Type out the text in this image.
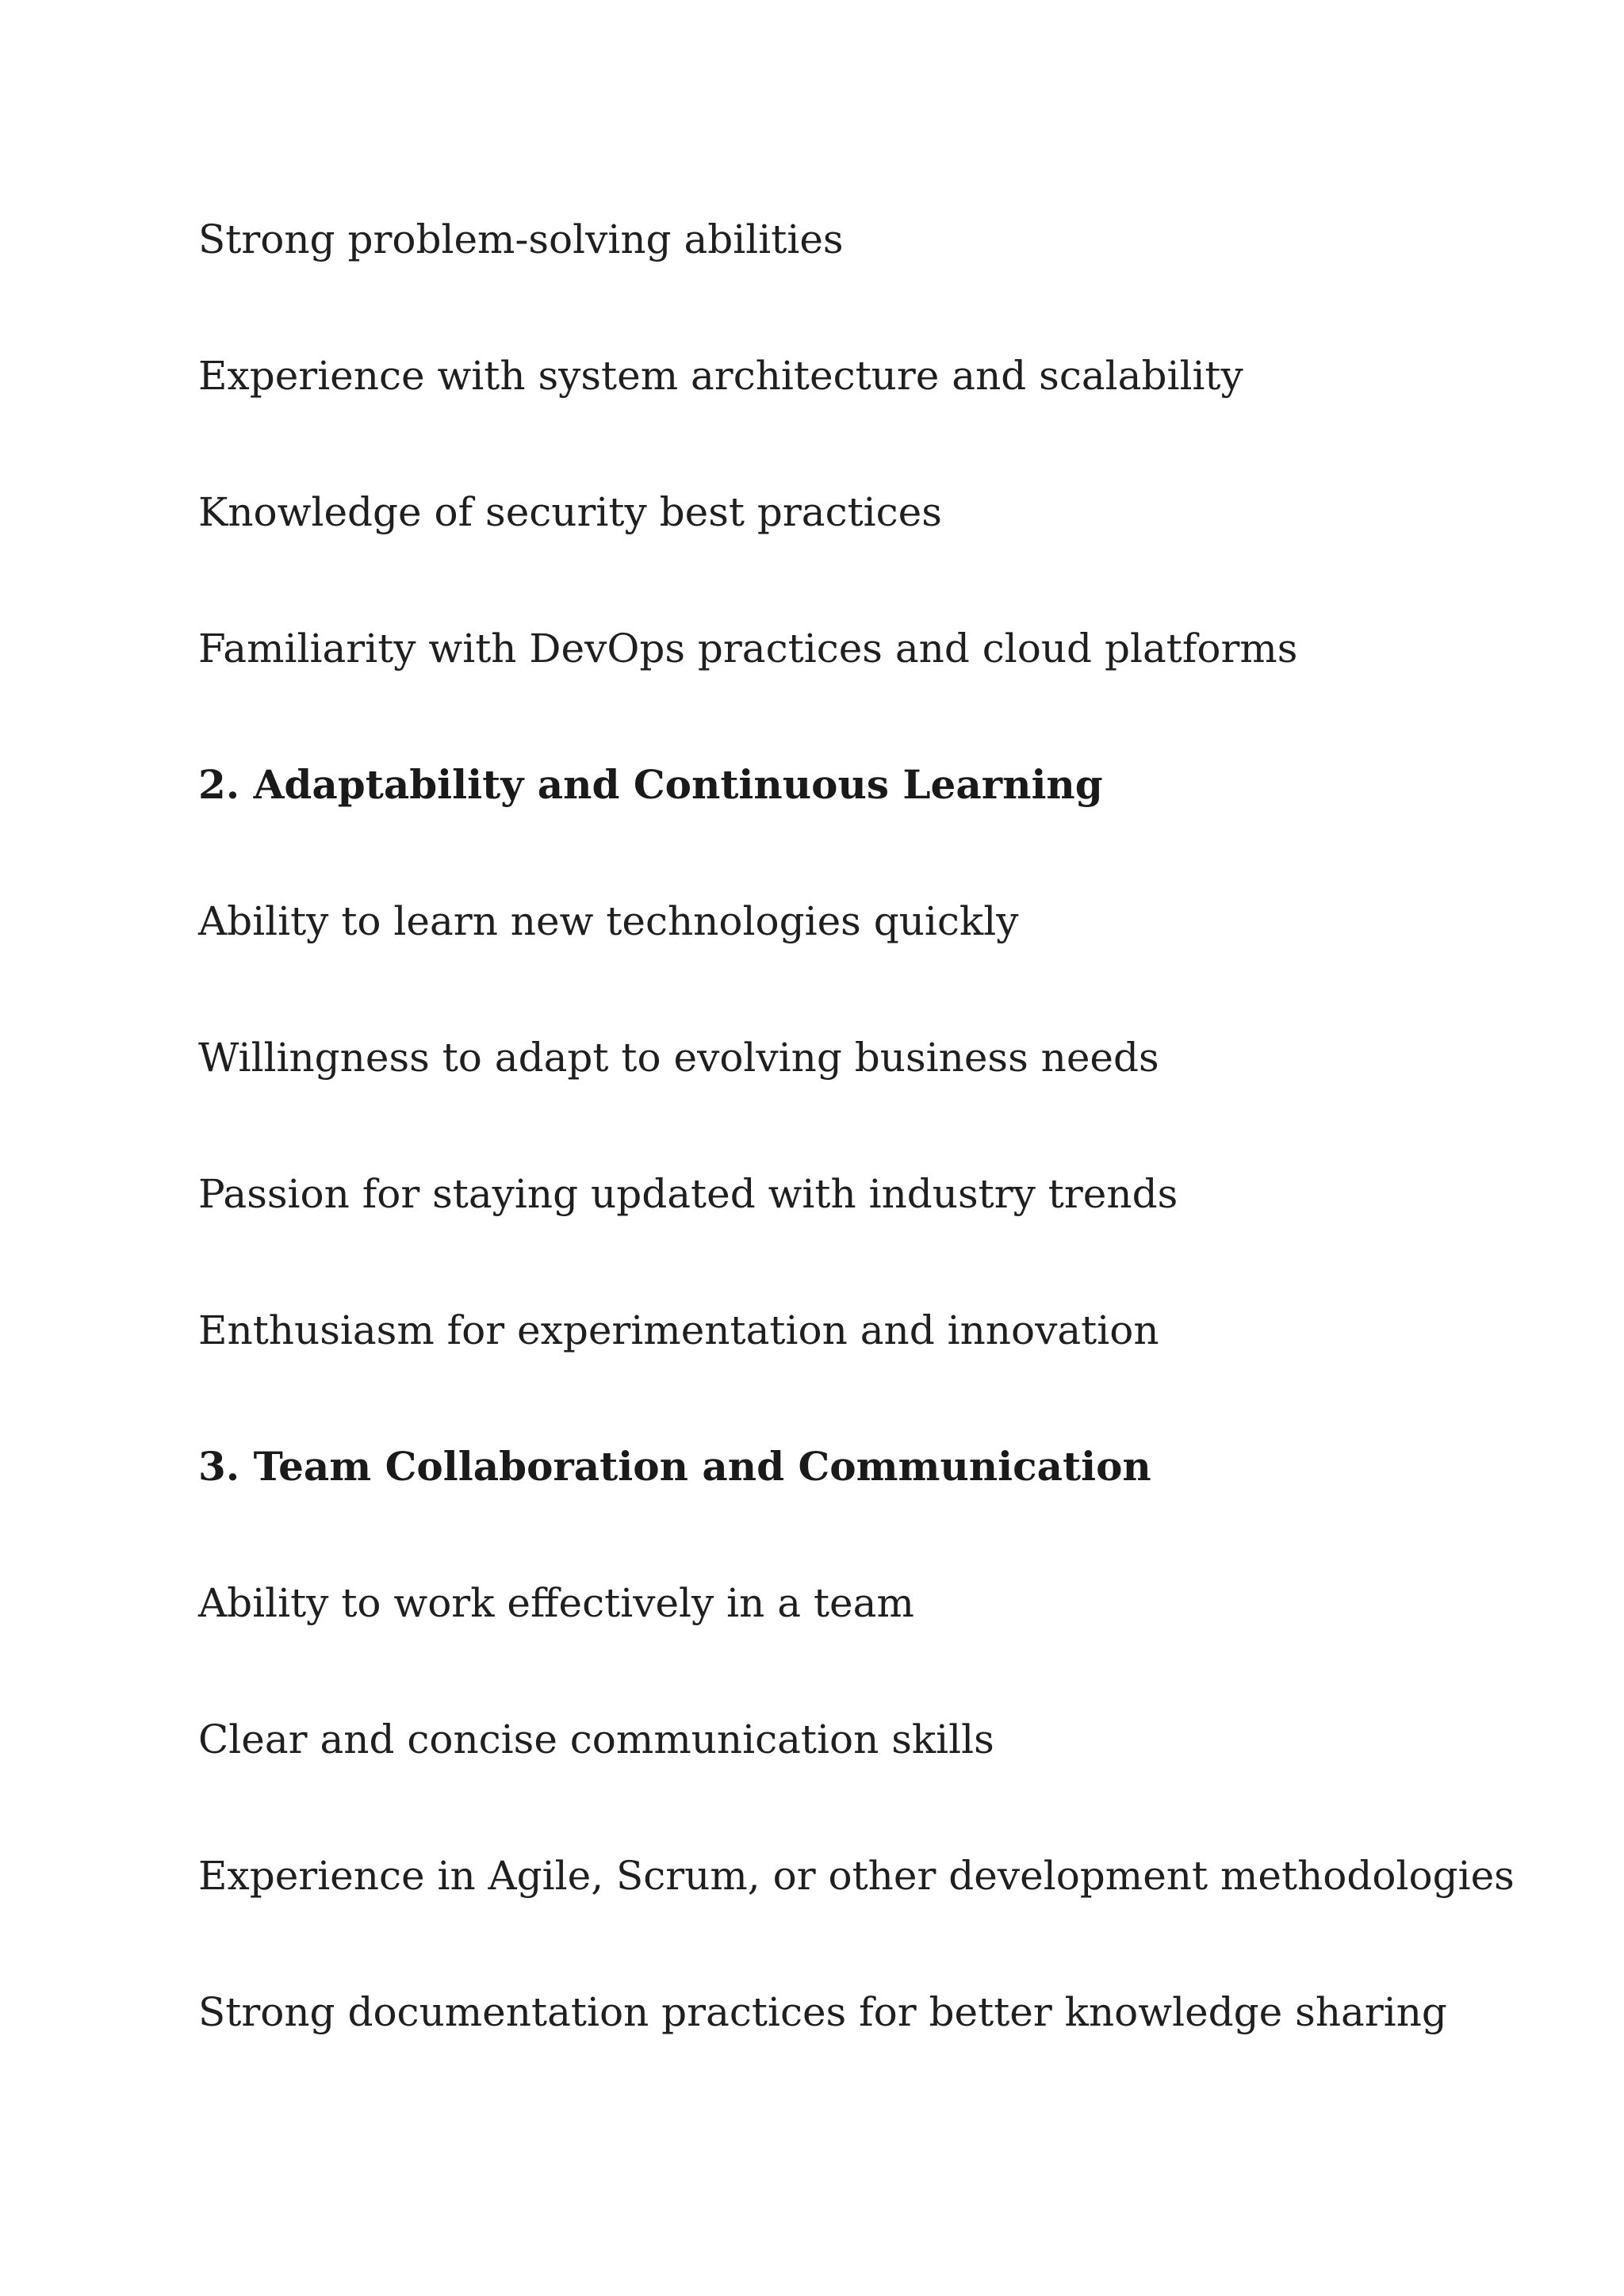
Strong problem-solving abilities

Experience with system architecture and scalability

Knowledge of security best practices

Familiarity with DevOps practices and cloud platforms

2. Adaptability and Continuous Learning

Ability to learn new technologies quickly

Willingness to adapt to evolving business needs

Passion for staying updated with industry trends

Enthusiasm for experimentation and innovation

3. Team Collaboration and Communication

Ability to work effectively in a team

Clear and concise communication skills

Experience in Agile, Scrum, or other development methodologies

Strong documentation practices for better knowledge sharing
